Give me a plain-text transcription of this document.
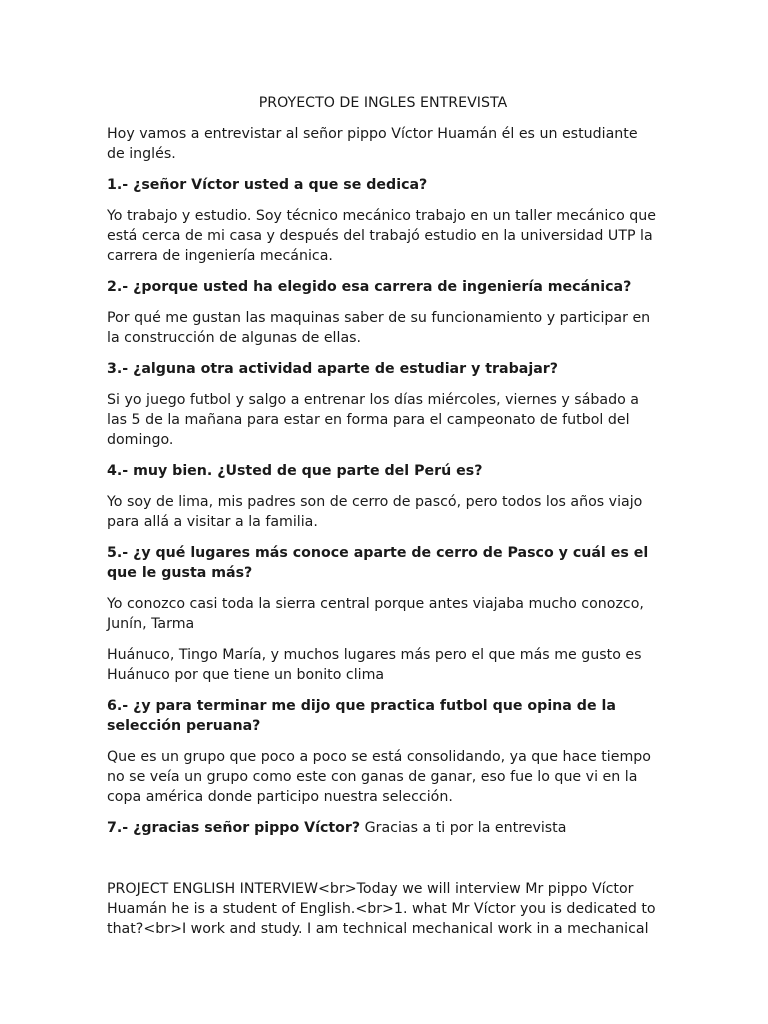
PROYECTO DE INGLES ENTREVISTA

Hoy vamos a entrevistar al señor pippo Víctor Huamán él es un estudiante de inglés.

1.- ¿señor Víctor usted a que se dedica?

Yo trabajo y estudio. Soy técnico mecánico trabajo en un taller mecánico que está cerca de mi casa y después del trabajó estudio en la universidad UTP la carrera de ingeniería mecánica.

2.- ¿porque usted ha elegido esa carrera de ingeniería mecánica?

Por qué me gustan las maquinas saber de su funcionamiento y participar en la construcción de algunas de ellas.

3.- ¿alguna otra actividad aparte de estudiar y trabajar?

Si yo juego futbol y salgo a entrenar los días miércoles, viernes y sábado a las 5 de la mañana para estar en forma para el campeonato de futbol del domingo.

4.- muy bien. ¿Usted de que parte del Perú es?

Yo soy de lima, mis padres son de cerro de pascó, pero todos los años viajo para allá a visitar a la familia.

5.- ¿y qué lugares más conoce aparte de cerro de Pasco y cuál es el que le gusta más?

Yo conozco casi toda la sierra central porque antes viajaba mucho conozco, Junín, Tarma

Huánuco, Tingo María, y muchos lugares más pero el que más me gusto es Huánuco por que tiene un bonito clima

6.- ¿y para terminar me dijo que practica futbol que opina de la selección peruana?

Que es un grupo que poco a poco se está consolidando, ya que hace tiempo no se veía un grupo como este con ganas de ganar, eso fue lo que vi en la copa américa donde participo nuestra selección.

7.- ¿gracias señor pippo Víctor? Gracias a ti por la entrevista

PROJECT ENGLISH INTERVIEW<br>Today we will interview Mr pippo Víctor Huamán he is a student of English.<br>1. what Mr Víctor you is dedicated to that?<br>I work and study. I am technical mechanical work in a mechanical
